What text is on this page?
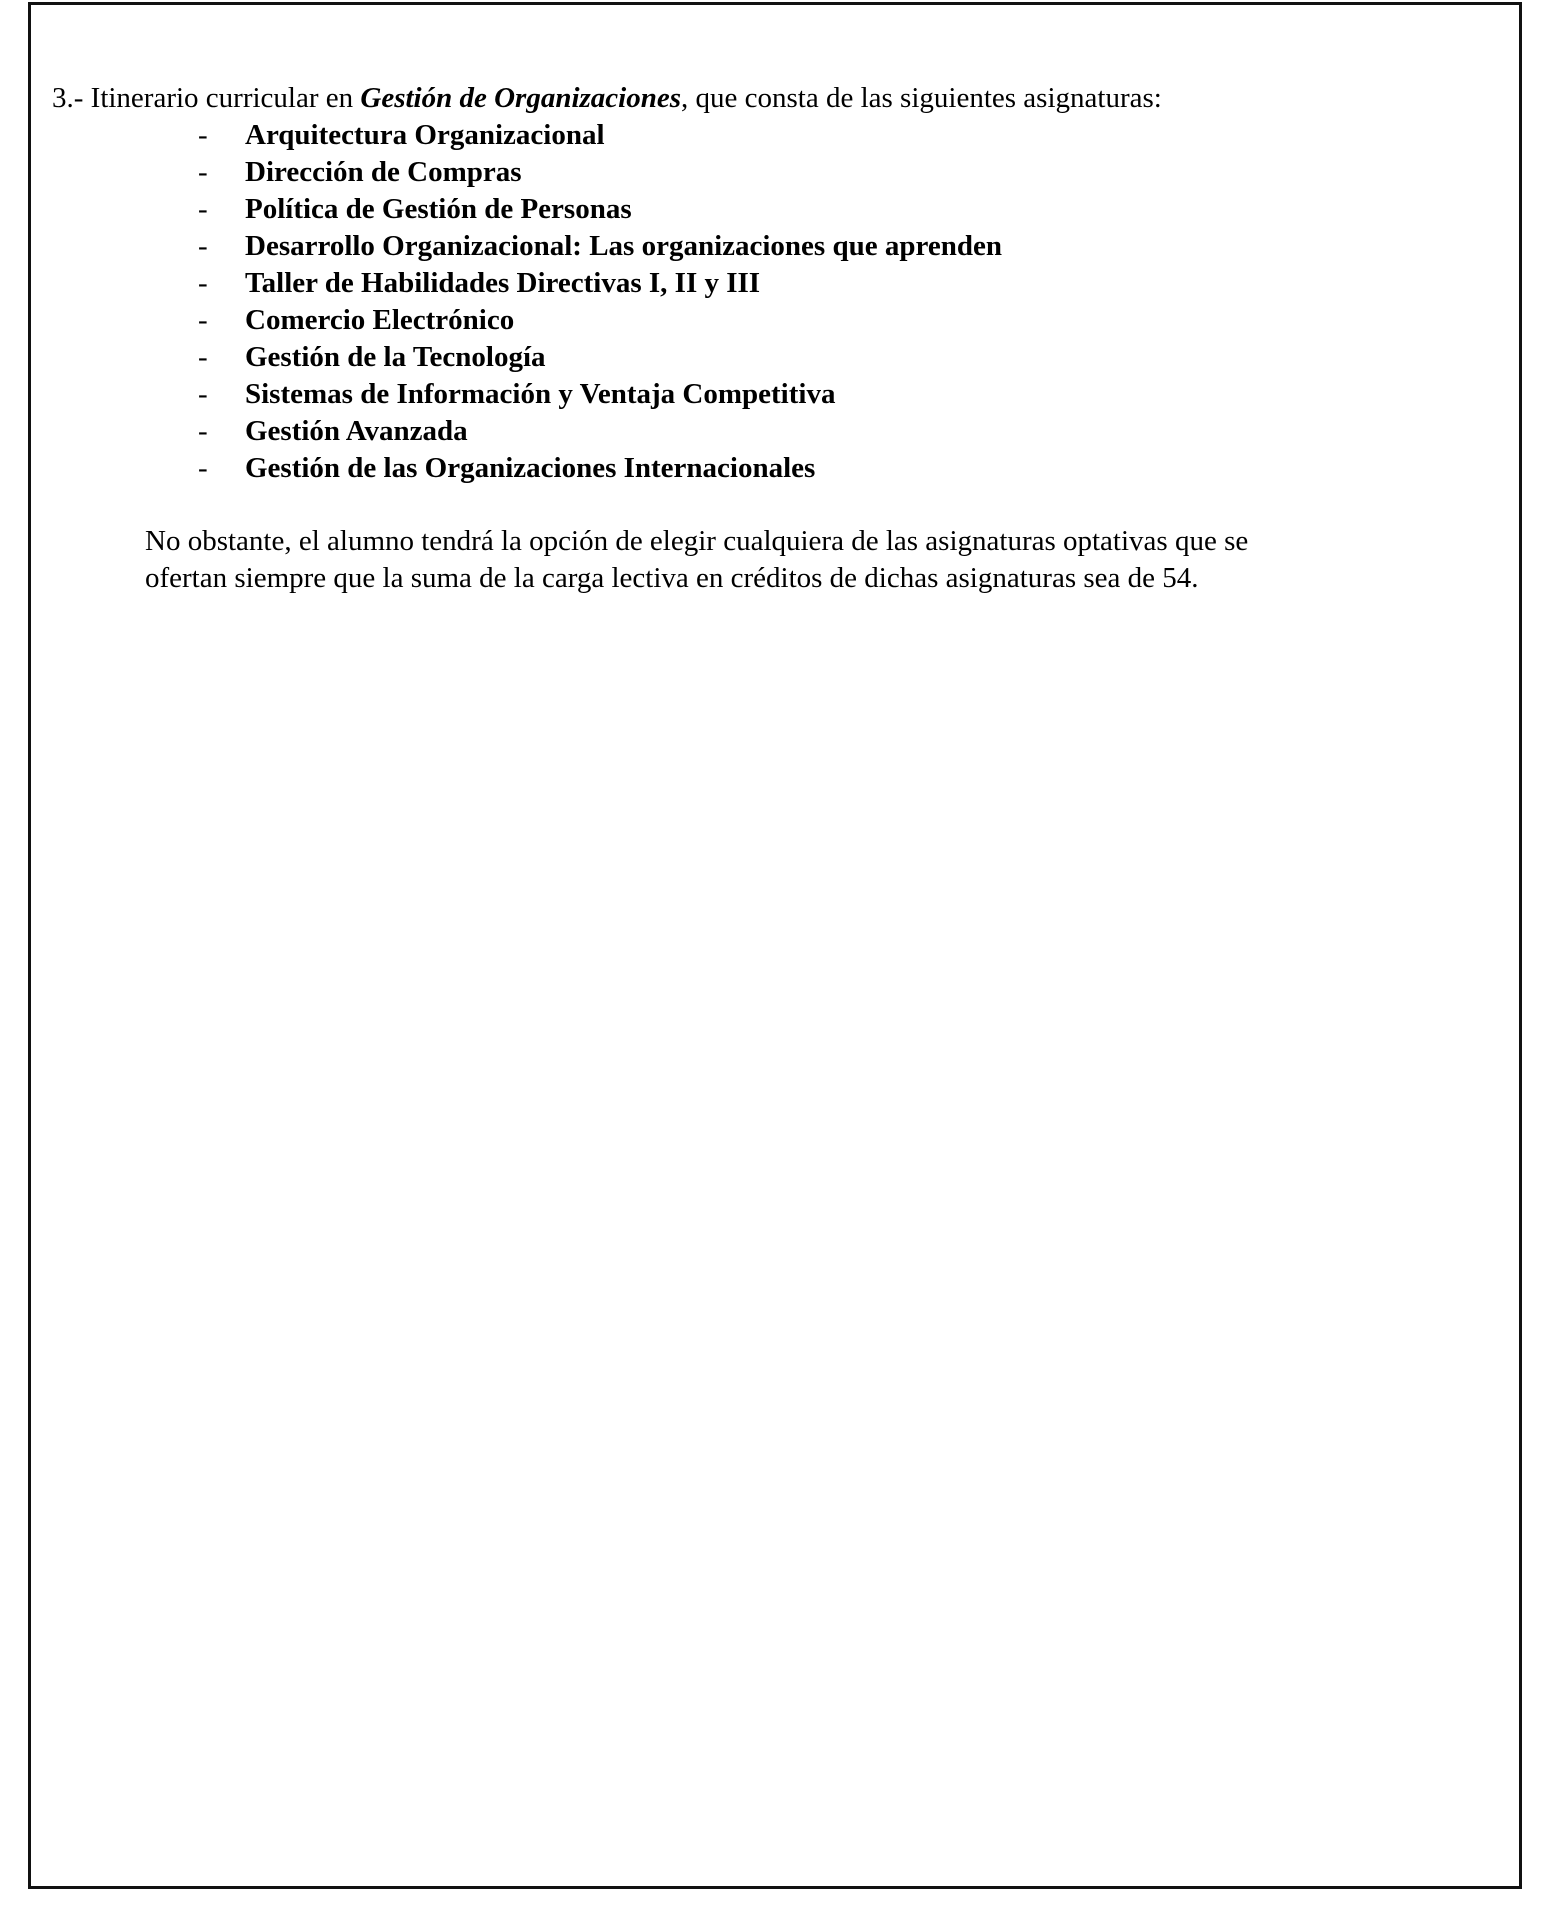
3.- Itinerario curricular en Gestión de Organizaciones, que consta de las siguientes asignaturas:

- Arquitectura Organizacional
- Dirección de Compras
- Política de Gestión de Personas
- Desarrollo Organizacional: Las organizaciones que aprenden
- Taller de Habilidades Directivas I, II y III
- Comercio Electrónico
- Gestión de la Tecnología
- Sistemas de Información y Ventaja Competitiva
- Gestión Avanzada
- Gestión de las Organizaciones Internacionales

No obstante, el alumno tendrá la opción de elegir cualquiera de las asignaturas optativas que se

ofertan siempre que la suma de la carga lectiva en créditos de dichas asignaturas sea de 54.
